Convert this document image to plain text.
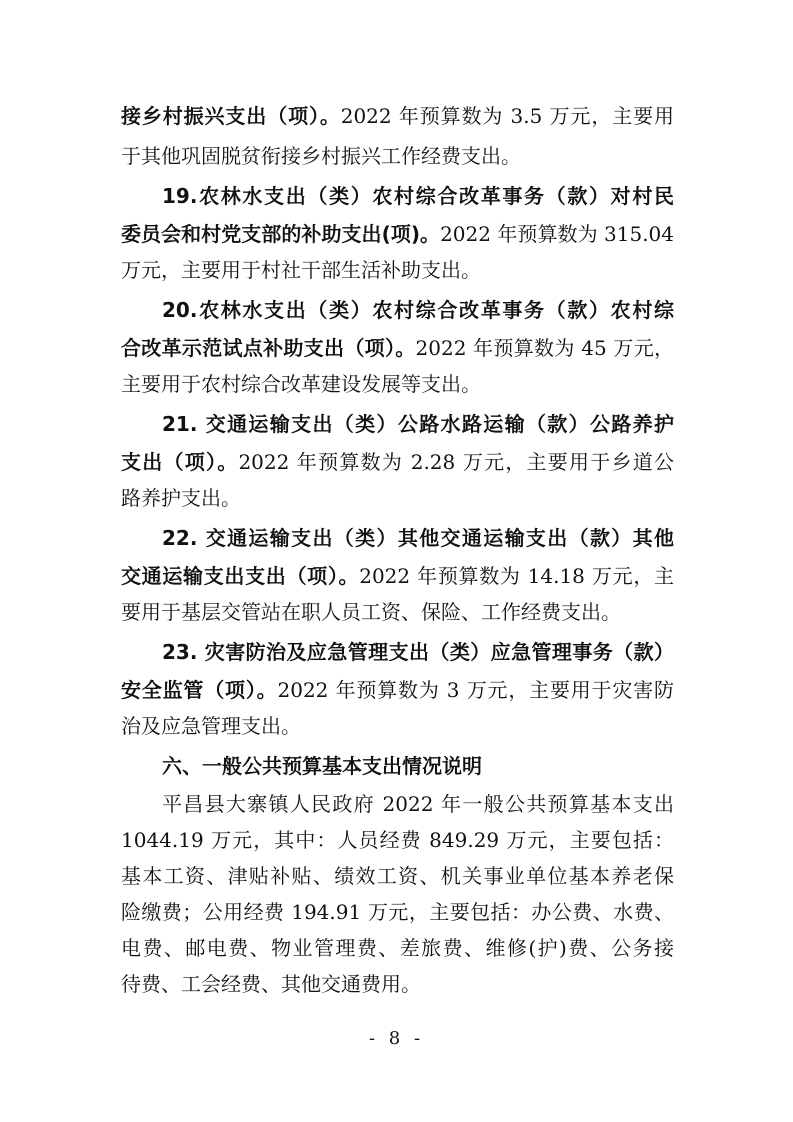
接乡村振兴支出（项）。2022 年预算数为 3.5 万元，主要用
于其他巩固脱贫衔接乡村振兴工作经费支出。
19.农林水支出（类）农村综合改革事务（款）对村民
委员会和村党支部的补助支出(项)。2022 年预算数为 315.04
万元，主要用于村社干部生活补助支出。
20.农林水支出（类）农村综合改革事务（款）农村综
合改革示范试点补助支出（项）。2022 年预算数为 45 万元，
主要用于农村综合改革建设发展等支出。
21. 交通运输支出（类）公路水路运输（款）公路养护
支出（项）。2022 年预算数为 2.28 万元，主要用于乡道公
路养护支出。
22. 交通运输支出（类）其他交通运输支出（款）其他
交通运输支出支出（项）。2022 年预算数为 14.18 万元，主
要用于基层交管站在职人员工资、保险、工作经费支出。
23. 灾害防治及应急管理支出（类）应急管理事务（款）
安全监管（项）。2022 年预算数为 3 万元，主要用于灾害防
治及应急管理支出。
六、一般公共预算基本支出情况说明
平昌县大寨镇人民政府 2022 年一般公共预算基本支出
1044.19 万元，其中：人员经费 849.29 万元，主要包括：
基本工资、津贴补贴、绩效工资、机关事业单位基本养老保
险缴费；公用经费 194.91 万元，主要包括：办公费、水费、
电费、邮电费、物业管理费、差旅费、维修(护)费、公务接
待费、工会经费、其他交通费用。
- 8 -
